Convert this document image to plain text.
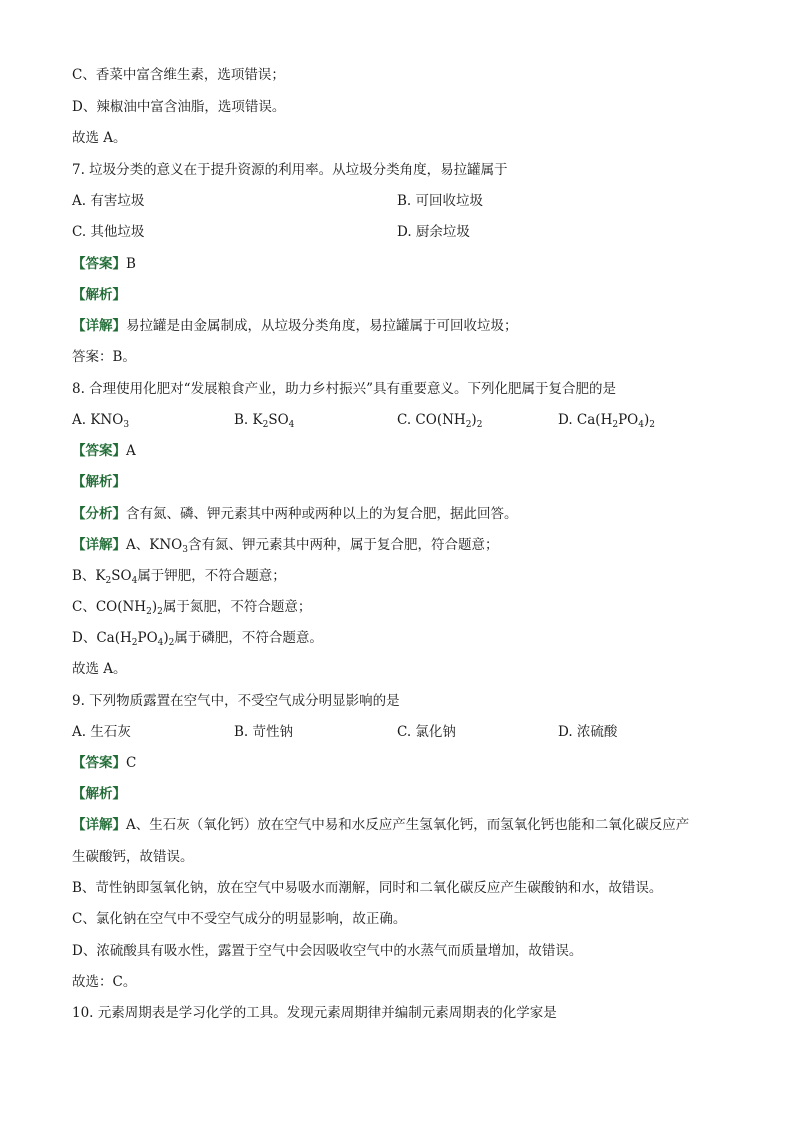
C、香菜中富含维生素，选项错误；
D、辣椒油中富含油脂，选项错误。
故选 A。
7. 垃圾分类的意义在于提升资源的利用率。从垃圾分类角度，易拉罐属于
A. 有害垃圾	B. 可回收垃圾
C. 其他垃圾	D. 厨余垃圾
【答案】B
【解析】
【详解】易拉罐是由金属制成，从垃圾分类角度，易拉罐属于可回收垃圾；
答案：B。
8. 合理使用化肥对“发展粮食产业，助力乡村振兴”具有重要意义。下列化肥属于复合肥的是
A. $KNO_3$	B. $K_2SO_4$	C. $CO(NH_2)_2$	D. $Ca(H_2PO_4)_2$
【答案】A
【解析】
【分析】含有氮、磷、钾元素其中两种或两种以上的为复合肥，据此回答。
【详解】A、$KNO_3$含有氮、钾元素其中两种，属于复合肥，符合题意；
B、$K_2SO_4$属于钾肥，不符合题意；
C、$CO(NH_2)_2$属于氮肥，不符合题意；
D、$Ca(H_2PO_4)_2$属于磷肥，不符合题意。
故选 A。
9. 下列物质露置在空气中，不受空气成分明显影响的是
A. 生石灰	B. 苛性钠	C. 氯化钠	D. 浓硫酸
【答案】C
【解析】
【详解】A、生石灰（氧化钙）放在空气中易和水反应产生氢氧化钙，而氢氧化钙也能和二氧化碳反应产
生碳酸钙，故错误。
B、苛性钠即氢氧化钠，放在空气中易吸水而潮解，同时和二氧化碳反应产生碳酸钠和水，故错误。
C、氯化钠在空气中不受空气成分的明显影响，故正确。
D、浓硫酸具有吸水性，露置于空气中会因吸收空气中的水蒸气而质量增加，故错误。
故选：C。
10. 元素周期表是学习化学的工具。发现元素周期律并编制元素周期表的化学家是
